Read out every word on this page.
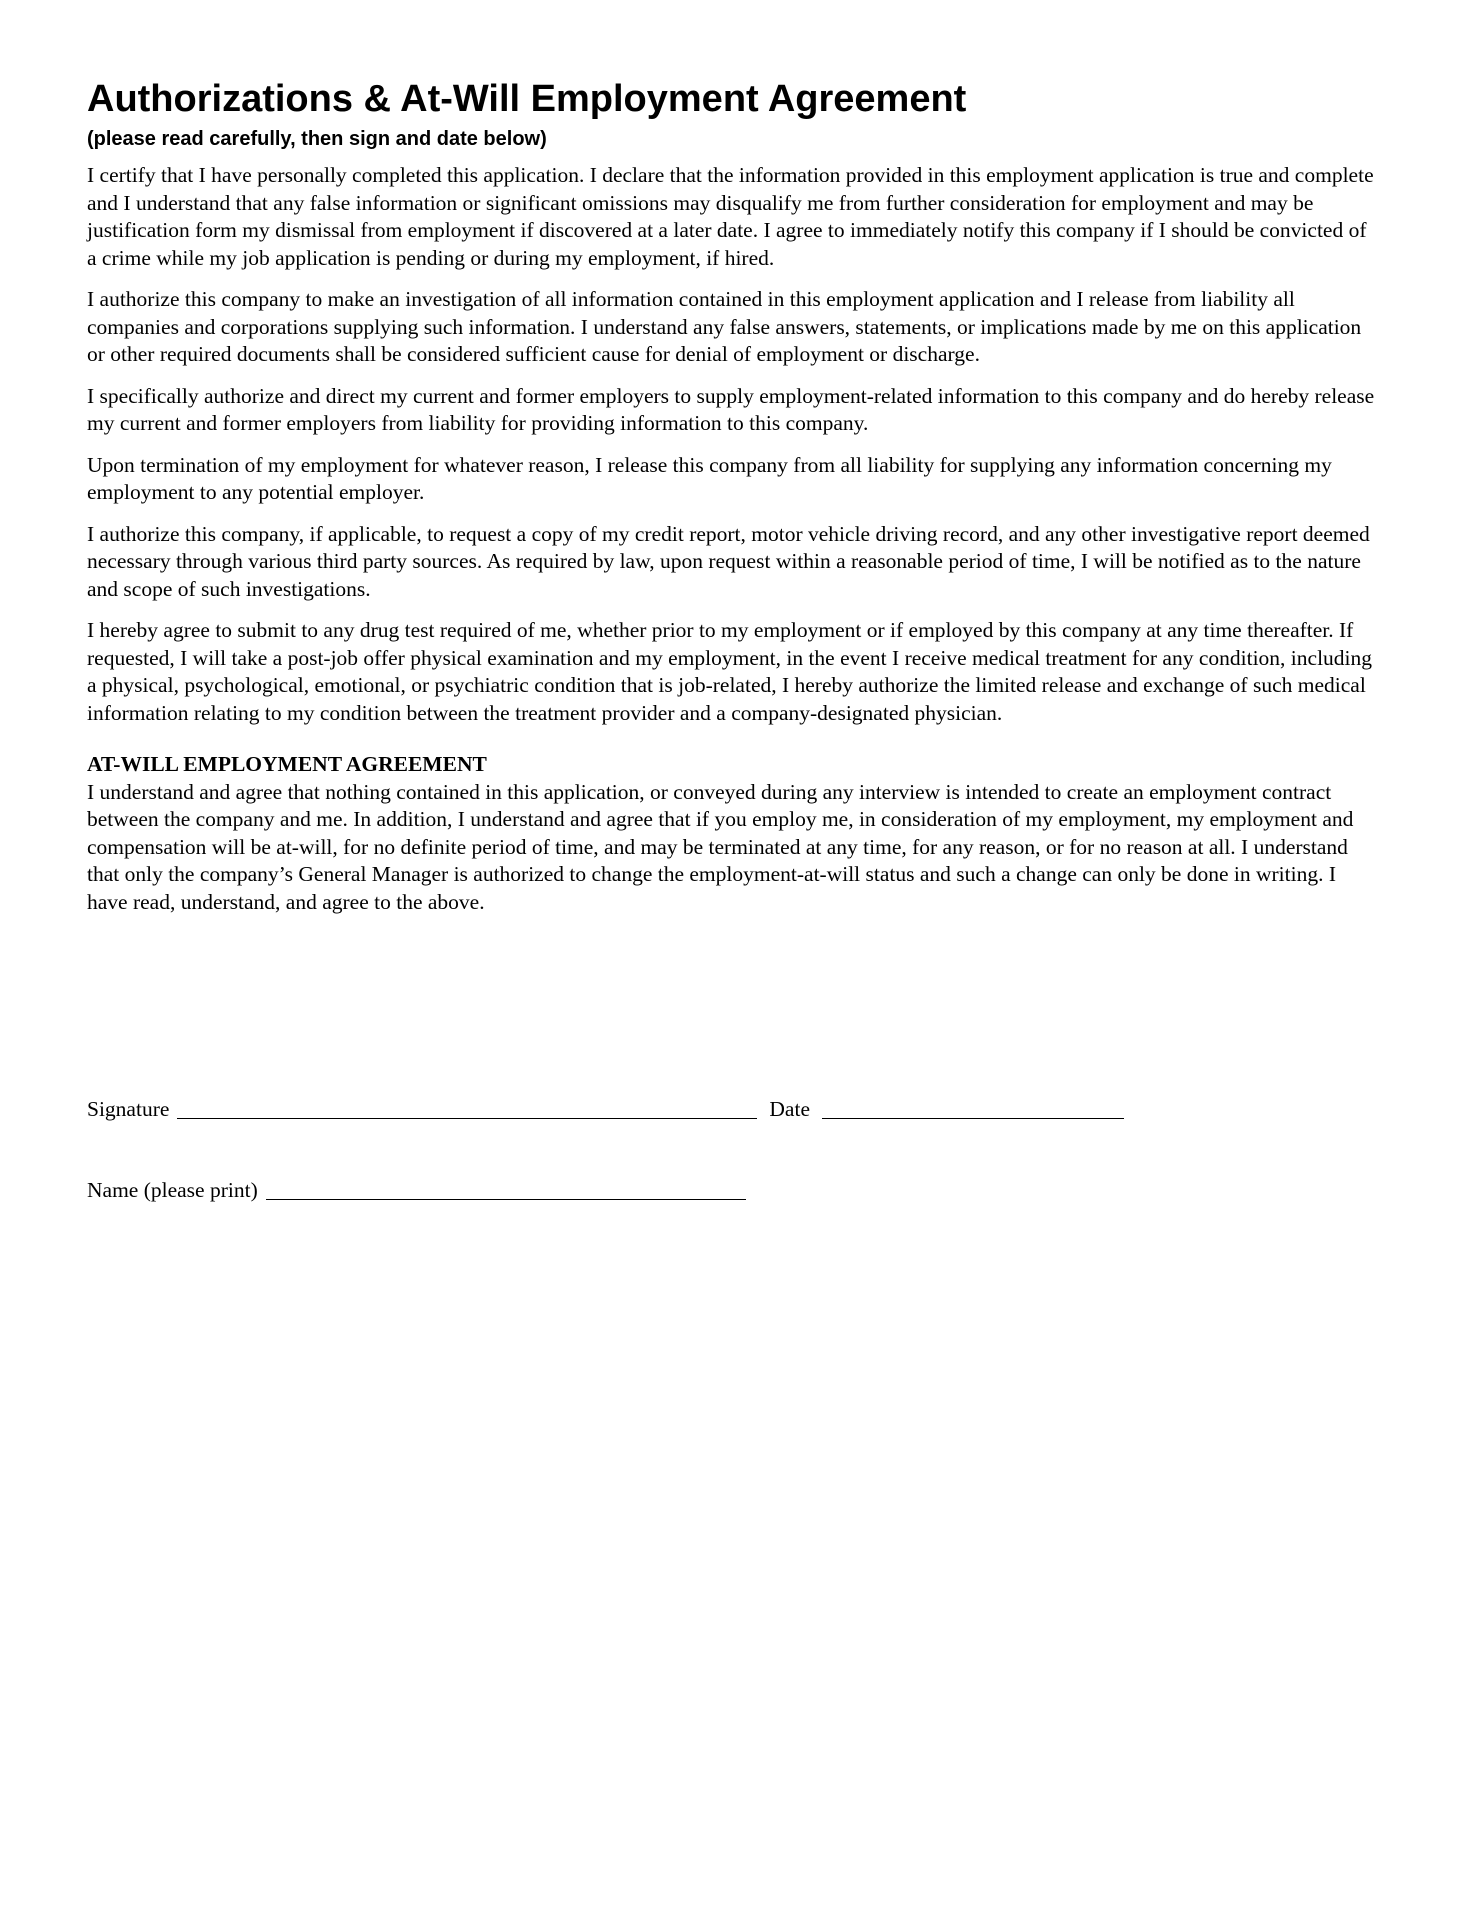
Authorizations & At-Will Employment Agreement
(please read carefully, then sign and date below)

I certify that I have personally completed this application. I declare that the information provided in this employment application is true and complete and I understand that any false information or significant omissions may disqualify me from further consideration for employment and may be justification form my dismissal from employment if discovered at a later date. I agree to immediately notify this company if I should be convicted of a crime while my job application is pending or during my employment, if hired.

I authorize this company to make an investigation of all information contained in this employment application and I release from liability all companies and corporations supplying such information. I understand any false answers, statements, or implications made by me on this application or other required documents shall be considered sufficient cause for denial of employment or discharge.

I specifically authorize and direct my current and former employers to supply employment-related information to this company and do hereby release my current and former employers from liability for providing information to this company.

Upon termination of my employment for whatever reason, I release this company from all liability for supplying any information concerning my employment to any potential employer.

I authorize this company, if applicable, to request a copy of my credit report, motor vehicle driving record, and any other investigative report deemed necessary through various third party sources. As required by law, upon request within a reasonable period of time, I will be notified as to the nature and scope of such investigations.

I hereby agree to submit to any drug test required of me, whether prior to my employment or if employed by this company at any time thereafter. If requested, I will take a post-job offer physical examination and my employment, in the event I receive medical treatment for any condition, including a physical, psychological, emotional, or psychiatric condition that is job-related, I hereby authorize the limited release and exchange of such medical information relating to my condition between the treatment provider and a company-designated physician.

AT-WILL EMPLOYMENT AGREEMENT

I understand and agree that nothing contained in this application, or conveyed during any interview is intended to create an employment contract between the company and me. In addition, I understand and agree that if you employ me, in consideration of my employment, my employment and compensation will be at-will, for no definite period of time, and may be terminated at any time, for any reason, or for no reason at all. I understand that only the company’s General Manager is authorized to change the employment-at-will status and such a change can only be done in writing. I have read, understand, and agree to the above.

Signature	Date
Name (please print)
